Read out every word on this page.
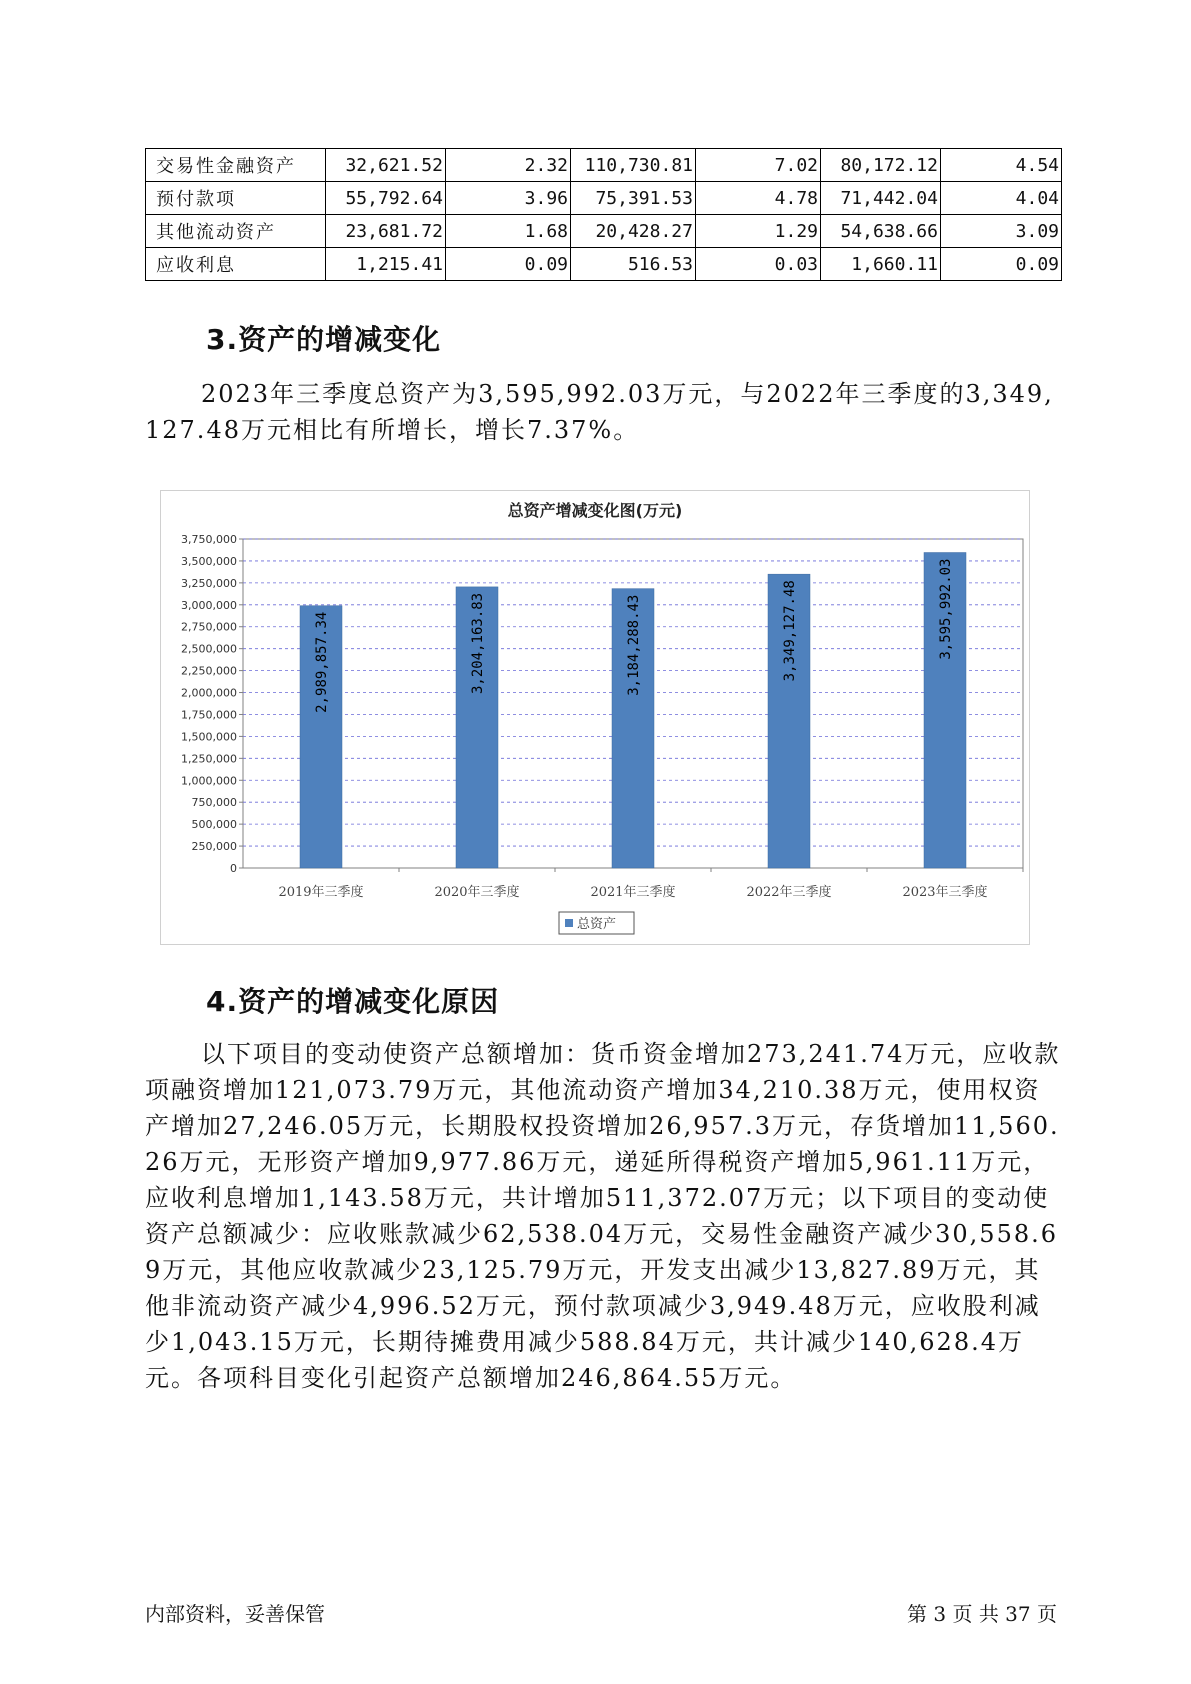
交易性金融资产	32,621.52	2.32	110,730.81	7.02	80,172.12	4.54
预付款项	55,792.64	3.96	75,391.53	4.78	71,442.04	4.04
其他流动资产	23,681.72	1.68	20,428.27	1.29	54,638.66	3.09
应收利息	1,215.41	0.09	516.53	0.03	1,660.11	0.09
3.资产的增减变化

2023年三季度总资产为3,595,992.03万元，与2022年三季度的3,349,127.48万元相比有所增长，增长7.37%。

总资产增减变化图(万元)
0
250,000
500,000
750,000
1,000,000
1,250,000
1,500,000
1,750,000
2,000,000
2,250,000
2,500,000
2,750,000
3,000,000
3,250,000
3,500,000
3,750,000
2,989,857.34
2019年三季度
3,204,163.83
2020年三季度
3,184,288.43
2021年三季度
3,349,127.48
2022年三季度
3,595,992.03
2023年三季度
总资产
4.资产的增减变化原因

以下项目的变动使资产总额增加：货币资金增加273,241.74万元，应收款项融资增加121,073.79万元，其他流动资产增加34,210.38万元，使用权资产增加27,246.05万元，长期股权投资增加26,957.3万元，存货增加11,560.26万元，无形资产增加9,977.86万元，递延所得税资产增加5,961.11万元，应收利息增加1,143.58万元，共计增加511,372.07万元；以下项目的变动使资产总额减少：应收账款减少62,538.04万元，交易性金融资产减少30,558.69万元，其他应收款减少23,125.79万元，开发支出减少13,827.89万元，其他非流动资产减少4,996.52万元，预付款项减少3,949.48万元，应收股利减少1,043.15万元，长期待摊费用减少588.84万元，共计减少140,628.4万元。各项科目变化引起资产总额增加246,864.55万元。

内部资料，妥善保管	第 3 页 共 37 页
